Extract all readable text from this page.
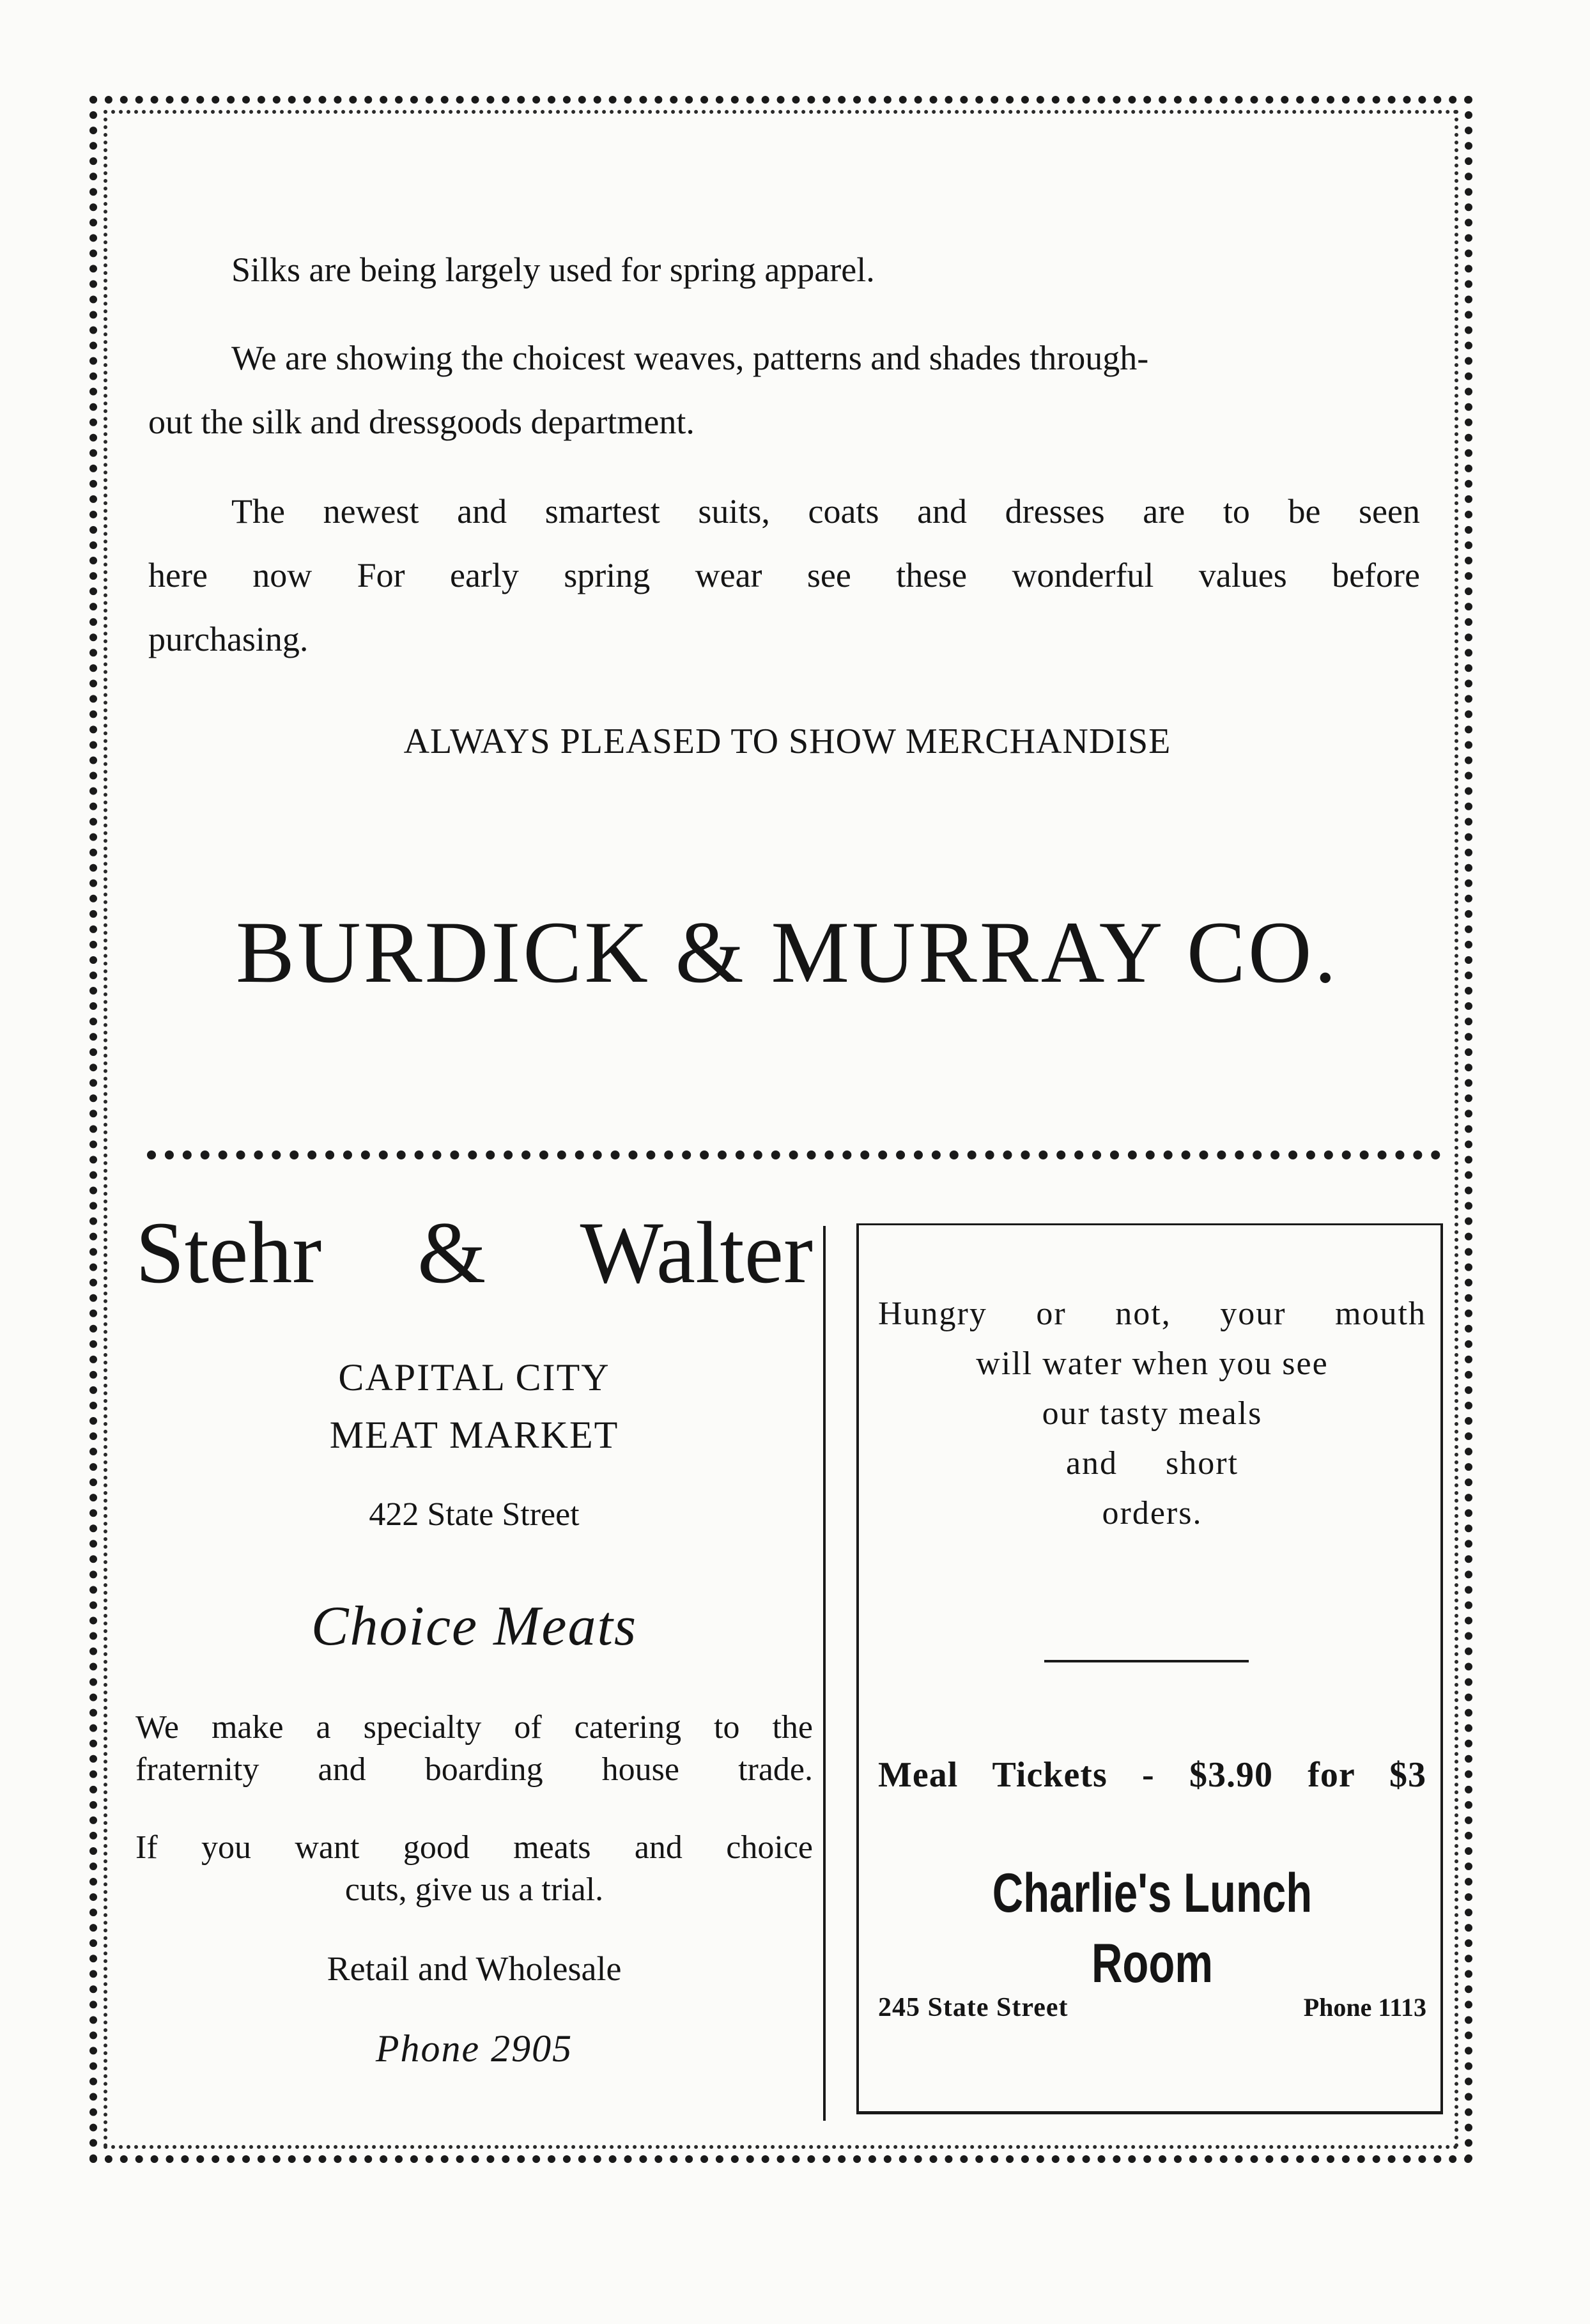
Silks are being largely used for spring apparel.

We are showing the choicest weaves, patterns and shades through-

out the silk and dressgoods department.

The newest and smartest suits, coats and dresses are to be seen

here now For early spring wear see these wonderful values before

purchasing.

ALWAYS PLEASED TO SHOW MERCHANDISE

BURDICK & MURRAY CO.

Stehr & Walter

CAPITAL CITY

MEAT MARKET

422 State Street

Choice Meats

We make a specialty of catering to the

fraternity and boarding house trade.

If you want good meats and choice

cuts, give us a trial.

Retail and Wholesale

Phone 2905

Hungry or not, your mouth

will water when you see

our tasty meals

and short

orders.

Meal Tickets - $3.90 for $3

Charlie's Lunch Room

245 State Street	Phone 1113
